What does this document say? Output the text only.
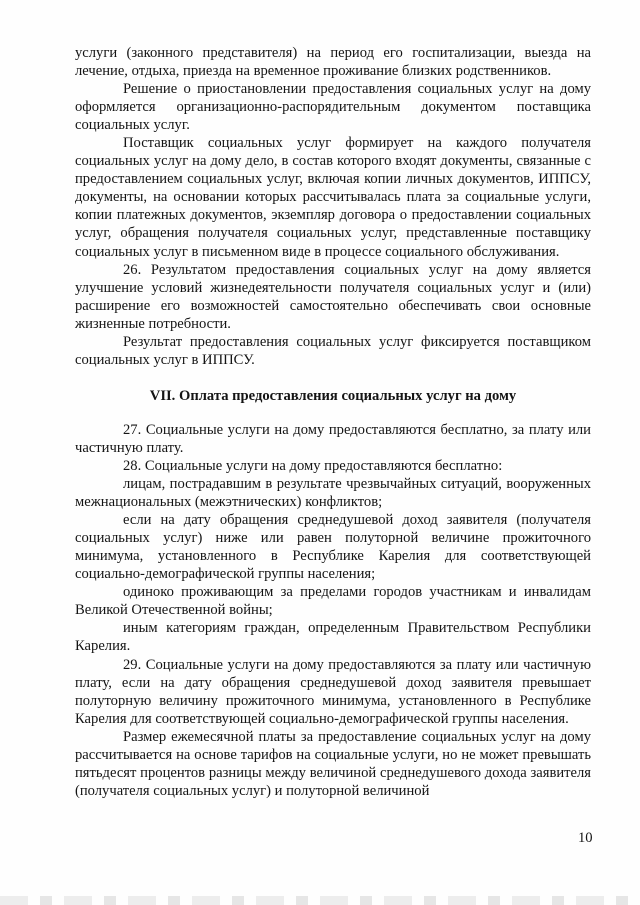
услуги (законного представителя) на период его госпитализации, выезда на лечение, отдыха, приезда на временное проживание близких родственников.

Решение о приостановлении предоставления социальных услуг на дому оформляется организационно-распорядительным документом поставщика социальных услуг.

Поставщик социальных услуг формирует на каждого получателя социальных услуг на дому дело, в состав которого входят документы, связанные с предоставлением социальных услуг, включая копии личных документов, ИППСУ, документы, на основании которых рассчитывалась плата за социальные услуги, копии платежных документов, экземпляр договора о предоставлении социальных услуг, обращения получателя социальных услуг, представленные поставщику социальных услуг в письменном виде в процессе социального обслуживания.

26. Результатом предоставления социальных услуг на дому является улучшение условий жизнедеятельности получателя социальных услуг и (или) расширение его возможностей самостоятельно обеспечивать свои основные жизненные потребности.

Результат предоставления социальных услуг фиксируется поставщиком социальных услуг в ИППСУ.

VII. Оплата предоставления социальных услуг на дому

27. Социальные услуги на дому предоставляются бесплатно, за плату или частичную плату.

28. Социальные услуги на дому предоставляются бесплатно:

лицам, пострадавшим в результате чрезвычайных ситуаций, вооруженных межнациональных (межэтнических) конфликтов;

если на дату обращения среднедушевой доход заявителя (получателя социальных услуг) ниже или равен полуторной величине прожиточного минимума, установленного в Республике Карелия для соответствующей социально-демографической группы населения;

одиноко проживающим за пределами городов участникам и инвалидам Великой Отечественной войны;

иным категориям граждан, определенным Правительством Республики Карелия.

29. Социальные услуги на дому предоставляются за плату или частичную плату, если на дату обращения среднедушевой доход заявителя превышает полуторную величину прожиточного минимума, установленного в Республике Карелия для соответствующей социально-демографической группы населения.

Размер ежемесячной платы за предоставление социальных услуг на дому рассчитывается на основе тарифов на социальные услуги, но не может превышать пятьдесят процентов разницы между величиной среднедушевого дохода заявителя (получателя социальных услуг) и полуторной величиной

10
